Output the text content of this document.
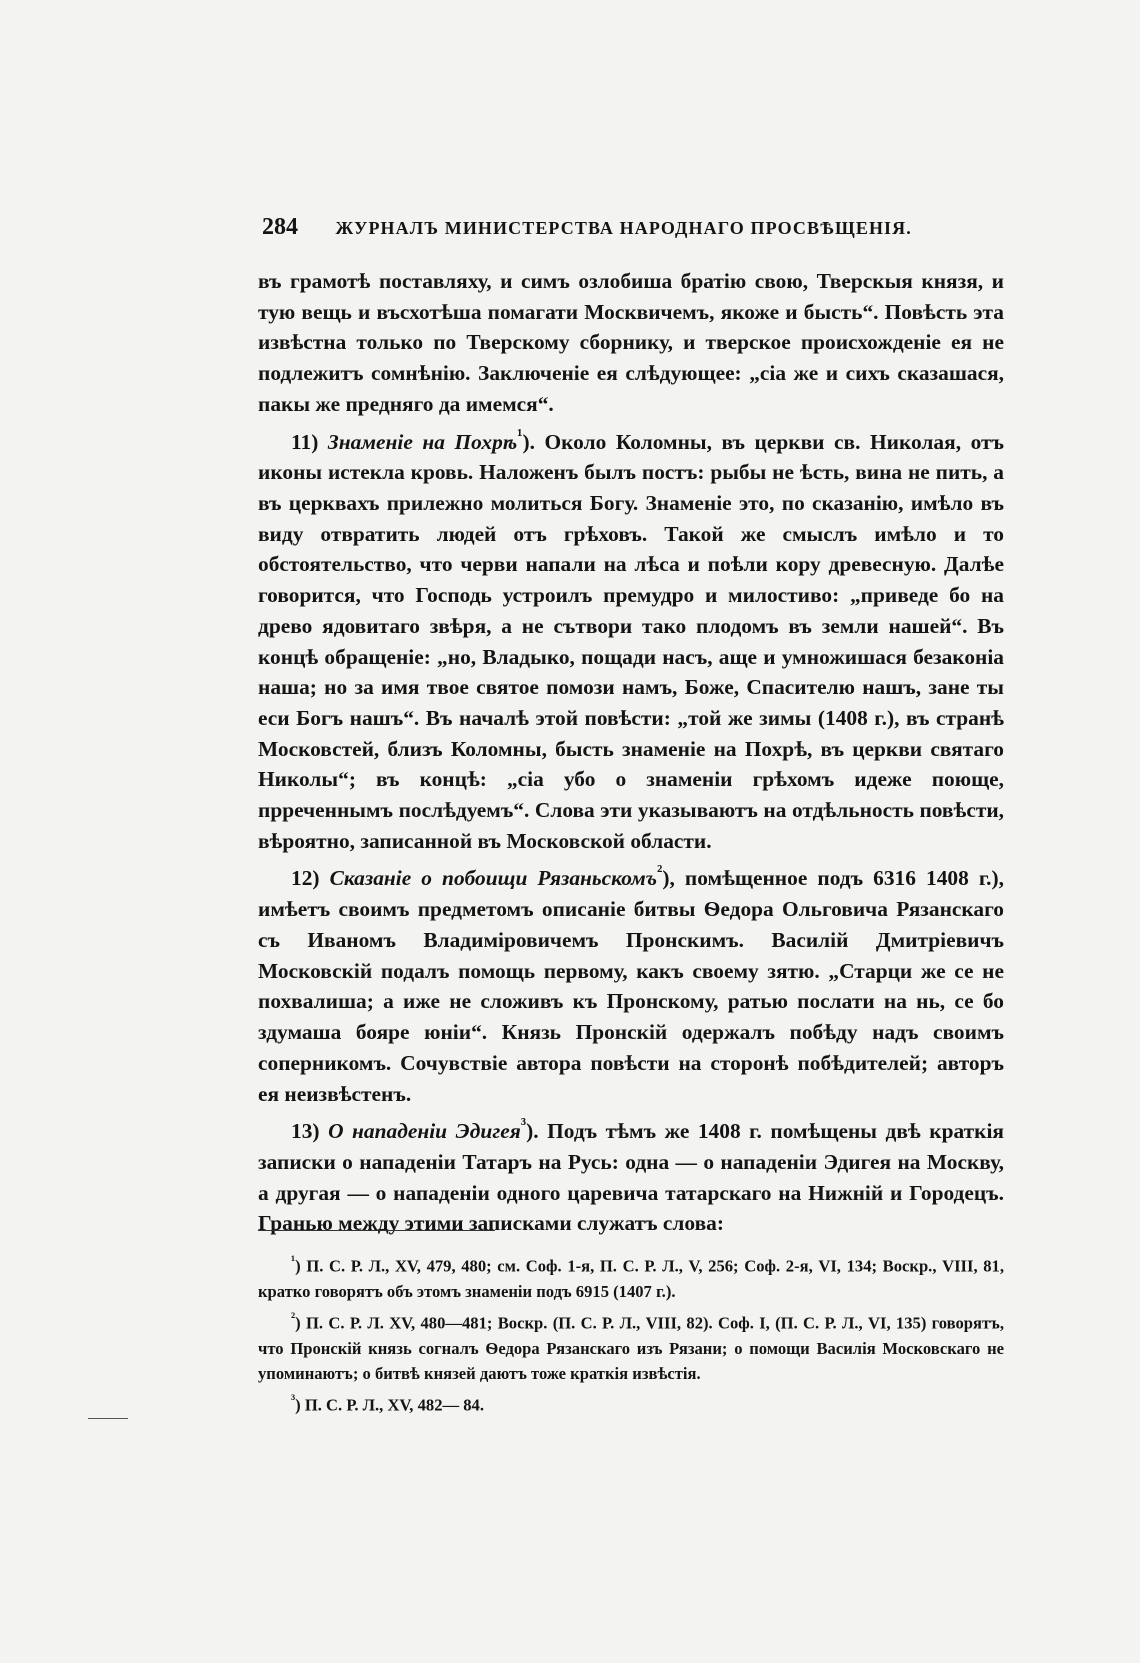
284 ЖУРНАЛЪ МИНИСТЕРСТВА НАРОДНАГО ПРОСВѢЩЕНІЯ.

въ грамотѣ поставляху, и симъ озлобиша братію свою, Тверскыя князя, и тую вещь и въсхотѣша помагати Москвичемъ, якоже и бысть“. Повѣсть эта извѣстна только по Тверскому сборнику, и тверское происхожденіе ея не подлежитъ сомнѣнію. Заключеніе ея слѣдующее: „сіа же и сихъ сказашася, пакы же предняго да имемся“.

11) Знаменіе на Похрѣ$^{^1}$). Около Коломны, въ церкви св. Николая, отъ иконы истекла кровь. Наложенъ былъ постъ: рыбы не ѣсть, вина не пить, а въ церквахъ прилежно молиться Богу. Знаменіе это, по сказанію, имѣло въ виду отвратить людей отъ грѣховъ. Такой же смыслъ имѣло и то обстоятельство, что черви напали на лѣса и поѣли кору древесную. Далѣе говорится, что Господь устроилъ премудро и милостиво: „приведе бо на древо ядовитаго звѣря, а не сътвори тако плодомъ въ земли нашей“. Въ концѣ обращеніе: „но, Владыко, пощади насъ, аще и умножишася безаконіа наша; но за имя твое святое помози намъ, Боже, Спасителю нашъ, зане ты еси Богъ нашъ“. Въ началѣ этой повѣсти: „той же зимы (1408 г.), въ странѣ Московстей, близъ Коломны, бысть знаменіе на Похрѣ, въ церкви святаго Николы“; въ концѣ: „сіа убо о знаменіи грѣхомъ идеже поюще, прреченнымъ послѣдуемъ“. Слова эти указываютъ на отдѣльность повѣсти, вѣроятно, записанной въ Московской области.

12) Сказаніе о побоищи Рязаньскомъ$^{^2}$), помѣщенное подъ 6316 1408 г.), имѣетъ своимъ предметомъ описаніе битвы Ѳедора Ольговича Рязанскаго съ Иваномъ Владиміровичемъ Пронскимъ. Василій Дмитріевичъ Московскій подалъ помощь первому, какъ своему зятю. „Старци же се не похвалиша; а иже не сложивъ къ Пронскому, ратью послати на нь, се бо здумаша бояре юніи“. Князь Пронскій одержалъ побѣду надъ своимъ соперникомъ. Сочувствіе автора повѣсти на сторонѣ побѣдителей; авторъ ея неизвѣстенъ.

13) О нападеніи Эдигея$^{^3}$). Подъ тѣмъ же 1408 г. помѣщены двѣ краткія записки о нападеніи Татаръ на Русь: одна — о нападеніи Эдигея на Москву, а другая — о нападеніи одного царевича татарскаго на Нижній и Городецъ. Гранью между этими записками служатъ слова:

$^{^1}$) П. С. Р. Л., XV, 479, 480; см. Соф. 1-я, П. С. Р. Л., V, 256; Соф. 2-я, VI, 134; Воскр., VIII, 81, кратко говорятъ объ этомъ знаменіи подъ 6915 (1407 г.).

$^{^2}$) П. С. Р. Л. XV, 480—481; Воскр. (П. С. Р. Л., VIII, 82). Соф. I, (П. С. Р. Л., VI, 135) говорятъ, что Пронскій князь согналъ Ѳедора Рязанскаго изъ Рязани; о помощи Василія Московскаго не упоминаютъ; о битвѣ князей даютъ тоже краткія извѣстія.

$^{^3}$) П. С. Р. Л., XV, 482— 84.
